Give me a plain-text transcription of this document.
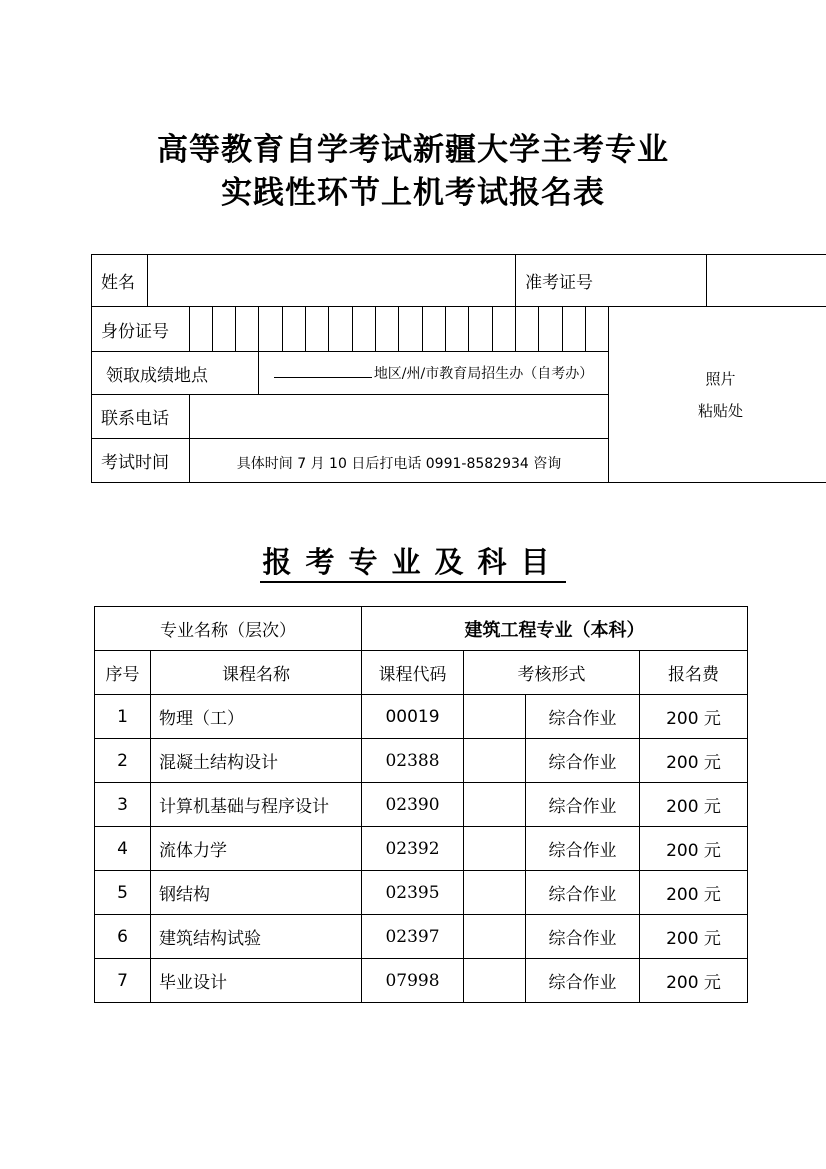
高等教育自学考试新疆大学主考专业
实践性环节上机考试报名表
姓名																准考证号					
身份证号																				照片
粘贴处	

领取成绩地点					地区/州/市教育局招生办（自考办）																
联系电话																					
考试时间		具体时间 7 月 10 日后打电话 0991-8582934 咨询																			
报考专业及科目
专业名称（层次）		建筑工程专业（本科）			
序号	课程名称	课程代码	考核形式		报名费
1	物理（工）	00019		综合作业	200 元
2	混凝土结构设计	02388		综合作业	200 元
3	计算机基础与程序设计	02390		综合作业	200 元
4	流体力学	02392		综合作业	200 元
5	钢结构	02395		综合作业	200 元
6	建筑结构试验	02397		综合作业	200 元
7	毕业设计	07998		综合作业	200 元
